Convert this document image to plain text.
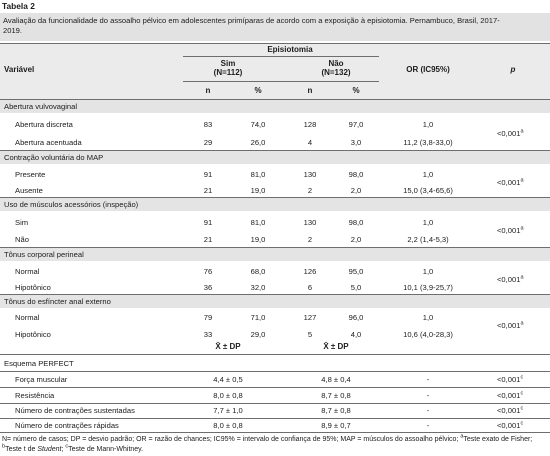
Tabela 2
Avaliação da funcionalidade do assoalho pélvico em adolescentes primíparas de acordo com a exposição à episiotomia. Pernambuco, Brasil, 2017-
2019.
Episiotomia
Sim
(N=112)
Não
(N=132)
Variável	OR (IC95%)	p
n	%	n	%
Abertura vulvovaginal
Abertura discreta	83	74,0	128	97,0	1,0
Abertura acentuada	29	26,0	4	3,0	11,2 (3,8-33,0)
<0,001$^a$
Contração voluntária do MAP
Presente	91	81,0	130	98,0	1,0
Ausente	21	19,0	2	2,0	15,0 (3,4-65,6)
<0,001$^a$
Uso de músculos acessórios (inspeção)
Sim	91	81,0	130	98,0	1,0
Não	21	19,0	2	2,0	2,2 (1,4-5,3)
<0,001$^a$
Tônus corporal perineal
Normal	76	68,0	126	95,0	1,0
Hipotônico	36	32,0	6	5,0	10,1 (3,9-25,7)
<0,001$^a$
Tônus do esfíncter anal externo
Normal	79	71,0	127	96,0	1,0
Hipotônico	33	29,0	5	4,0	10,6 (4,0-28,3)
<0,001$^a$
X̄ ± DP	X̄ ± DP
Esquema PERFECT
Força muscular	4,4 ± 0,5	4,8 ± 0,4	-	<0,001$^c$
Resistência	8,0 ± 0,8	8,7 ± 0,8	-	<0,001$^c$
Número de contrações sustentadas	7,7 ± 1,0	8,7 ± 0,8	-	<0,001$^c$
Número de contrações rápidas	8,0 ± 0,8	8,9 ± 0,7	-	<0,001$^c$
N= número de casos; DP = desvio padrão; OR = razão de chances; IC95% = intervalo de confiança de 95%; MAP = músculos do assoalho pélvico; $^a$Teste exato de Fisher;
$^b$Teste t de Student; $^c$Teste de Mann-Whitney.
